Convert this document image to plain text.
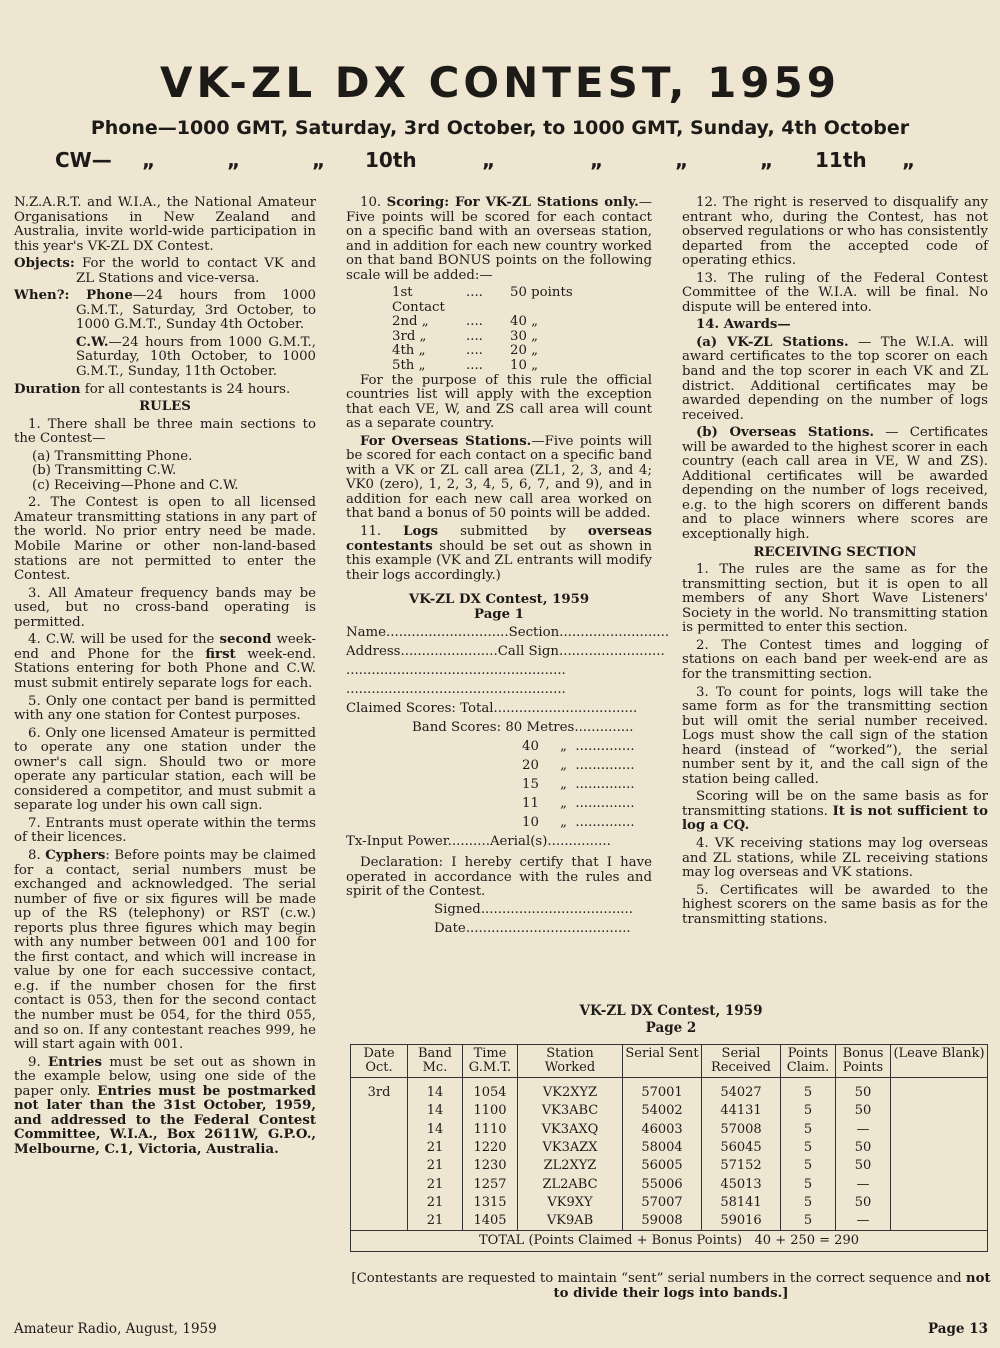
VK-ZL DX CONTEST, 1959
Phone—1000 GMT, Saturday, 3rd October, to 1000 GMT, Sunday, 4th October
CW— „	„	„ 10th	„	„	„	„ 11th „

N.Z.A.R.T. and W.I.A., the National Amateur Organisations in New Zealand and Australia, invite world-wide participation in this year's VK-ZL DX Contest.

Objects: For the world to contact VK and ZL Stations and vice-versa.

When?: Phone—24 hours from 1000 G.M.T., Saturday, 3rd October, to 1000 G.M.T., Sunday 4th October.

C.W.—24 hours from 1000 G.M.T., Saturday, 10th October, to 1000 G.M.T., Sunday, 11th October.

Duration for all contestants is 24 hours.

RULES

1. There shall be three main sections to the Contest—

(a) Transmitting Phone.
(b) Transmitting C.W.
(c) Receiving—Phone and C.W.

2. The Contest is open to all licensed Amateur transmitting stations in any part of the world. No prior entry need be made. Mobile Marine or other non-land-based stations are not permitted to enter the Contest.

3. All Amateur frequency bands may be used, but no cross-band operating is permitted.

4. C.W. will be used for the second week-end and Phone for the first week-end. Stations entering for both Phone and C.W. must submit entirely separate logs for each.

5. Only one contact per band is permitted with any one station for Contest purposes.

6. Only one licensed Amateur is permitted to operate any one station under the owner's call sign. Should two or more operate any particular station, each will be considered a competitor, and must submit a separate log under his own call sign.

7. Entrants must operate within the terms of their licences.

8. Cyphers: Before points may be claimed for a contact, serial numbers must be exchanged and acknowledged. The serial number of five or six figures will be made up of the RS (telephony) or RST (c.w.) reports plus three figures which may begin with any number between 001 and 100 for the first contact, and which will increase in value by one for each successive contact, e.g. if the number chosen for the first contact is 053, then for the second contact the number must be 054, for the third 055, and so on. If any contestant reaches 999, he will start again with 001.

9. Entries must be set out as shown in the example below, using one side of the paper only. Entries must be postmarked not later than the 31st October, 1959, and addressed to the Federal Contest Committee, W.I.A., Box 2611W, G.P.O., Melbourne, C.1, Victoria, Australia.

10. Scoring: For VK-ZL Stations only.—Five points will be scored for each contact on a specific band with an overseas station, and in addition for each new country worked on that band BONUS points on the following scale will be added:—

1st Contact
....	50 points
2nd „	....	40 „
3rd „	....	30 „
4th „	....	20 „
5th „	....	10 „

For the purpose of this rule the official countries list will apply with the exception that each VE, W, and ZS call area will count as a separate country.

For Overseas Stations.—Five points will be scored for each contact on a specific band with a VK or ZL call area (ZL1, 2, 3, and 4; VK0 (zero), 1, 2, 3, 4, 5, 6, 7, and 9), and in addition for each new call area worked on that band a bonus of 50 points will be added.

11. Logs submitted by overseas contestants should be set out as shown in this example (VK and ZL entrants will modify their logs accordingly.)

VK-ZL DX Contest, 1959
Page 1
Name.............................Section..........................
Address.......................Call Sign.........................
....................................................
....................................................
Claimed Scores: Total..................................
Band Scores: 80 Metres..............
40 „  ..............
20 „  ..............
15 „  ..............
11 „  ..............
10 „  ..............
Tx-Input Power..........Aerial(s)...............

Declaration: I hereby certify that I have operated in accordance with the rules and spirit of the Contest.

Signed....................................
Date.......................................

12. The right is reserved to disqualify any entrant who, during the Contest, has not observed regulations or who has consistently departed from the accepted code of operating ethics.

13. The ruling of the Federal Contest Committee of the W.I.A. will be final. No dispute will be entered into.

14. Awards—

(a) VK-ZL Stations. — The W.I.A. will award certificates to the top scorer on each band and the top scorer in each VK and ZL district. Additional certificates may be awarded depending on the number of logs received.

(b) Overseas Stations. — Certificates will be awarded to the highest scorer in each country (each call area in VE, W and ZS). Additional certificates will be awarded depending on the number of logs received, e.g. to the high scorers on different bands and to place winners where scores are exceptionally high.

RECEIVING SECTION

1. The rules are the same as for the transmitting section, but it is open to all members of any Short Wave Listeners' Society in the world. No transmitting station is permitted to enter this section.

2. The Contest times and logging of stations on each band per week-end are as for the transmitting section.

3. To count for points, logs will take the same form as for the transmitting section but will omit the serial number received. Logs must show the call sign of the station heard (instead of “worked”), the serial number sent by it, and the call sign of the station being called.

Scoring will be on the same basis as for transmitting stations. It is not sufficient to log a CQ.

4. VK receiving stations may log overseas and ZL stations, while ZL receiving stations may log overseas and VK stations.

5. Certificates will be awarded to the highest scorers on the same basis as for the transmitting stations.

VK-ZL DX Contest, 1959
Page 2
Date Oct.	Band Mc.	Time G.M.T.	Station Worked	Serial Sent	Serial Received	Points Claim.	Bonus Points	(Leave Blank)
3rd	14	1054	VK2XYZ	57001	54027	5	50	
	14	1100	VK3ABC	54002	44131	5	50	
	14	1110	VK3AXQ	46003	57008	5	—	
	21	1220	VK3AZX	58004	56045	5	50	
	21	1230	ZL2XYZ	56005	57152	5	50	
	21	1257	ZL2ABC	55006	45013	5	—	
	21	1315	VK9XY	57007	58141	5	50	
	21	1405	VK9AB	59008	59016	5	—	
TOTAL (Points Claimed + Bonus Points) 40 + 250 = 290								
[Contestants are requested to maintain “sent” serial numbers in the correct sequence and not to divide their logs into bands.]
Amateur Radio, August, 1959	Page 13
